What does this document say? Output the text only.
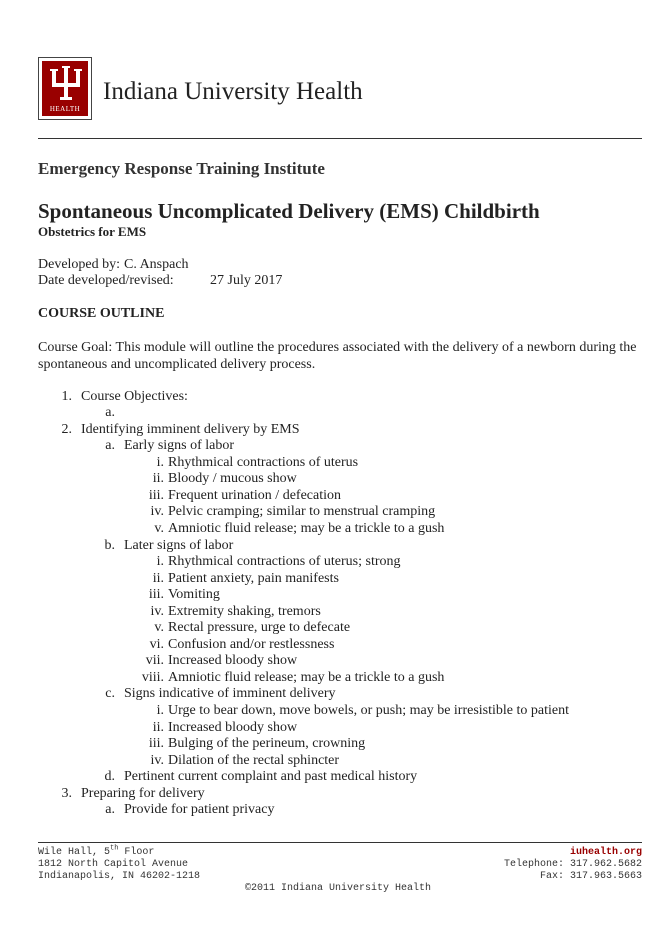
HEALTH
Indiana University Health
Emergency Response Training Institute
Spontaneous Uncomplicated Delivery (EMS) Childbirth
Obstetrics for EMS
Developed by: C. Anspach
Date developed/revised:	27 July 2017
COURSE OUTLINE
Course Goal: This module will outline the procedures associated with the delivery of a newborn during the spontaneous and uncomplicated delivery process.
1. Course Objectives:
a.
2. Identifying imminent delivery by EMS
a. Early signs of labor
i. Rhythmical contractions of uterus
ii. Bloody / mucous show
iii. Frequent urination / defecation
iv. Pelvic cramping; similar to menstrual cramping
v. Amniotic fluid release; may be a trickle to a gush
b. Later signs of labor
i. Rhythmical contractions of uterus; strong
ii. Patient anxiety, pain manifests
iii. Vomiting
iv. Extremity shaking, tremors
v. Rectal pressure, urge to defecate
vi. Confusion and/or restlessness
vii. Increased bloody show
viii. Amniotic fluid release; may be a trickle to a gush
c. Signs indicative of imminent delivery
i. Urge to bear down, move bowels, or push; may be irresistible to patient
ii. Increased bloody show
iii. Bulging of the perineum, crowning
iv. Dilation of the rectal sphincter
d. Pertinent current complaint and past medical history
3. Preparing for delivery
a. Provide for patient privacy
Wile Hall, 5th Floor
1812 North Capitol Avenue
Indianapolis, IN 46202-1218
iuhealth.org
Telephone: 317.962.5682
Fax: 317.963.5663
©2011 Indiana University Health
